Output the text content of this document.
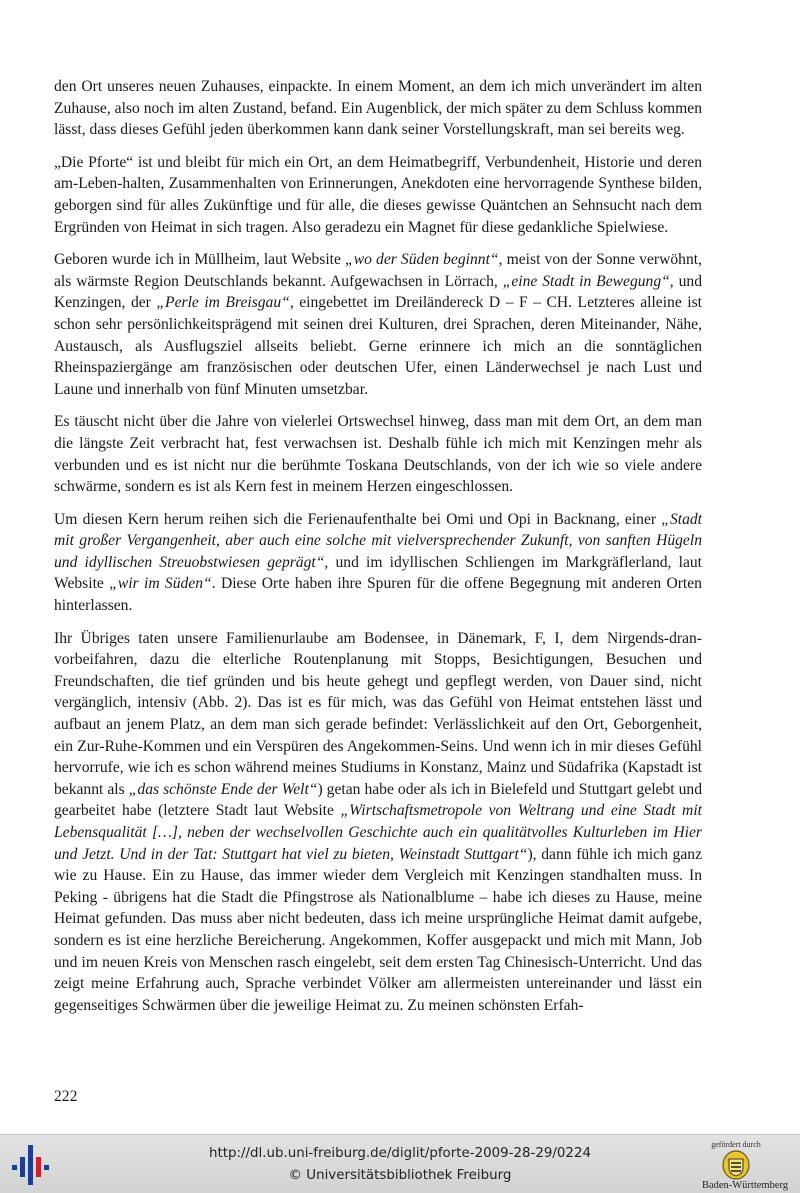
den Ort unseres neuen Zuhauses, einpackte. In einem Moment, an dem ich mich unverändert im alten Zuhause, also noch im alten Zustand, befand. Ein Augenblick, der mich später zu dem Schluss kommen lässt, dass dieses Gefühl jeden überkommen kann dank seiner Vorstellungskraft, man sei bereits weg.

„Die Pforte“ ist und bleibt für mich ein Ort, an dem Heimatbegriff, Verbundenheit, Historie und deren am-Leben-halten, Zusammenhalten von Erinnerungen, Anekdoten eine hervorragende Synthese bilden, geborgen sind für alles Zukünftige und für alle, die dieses gewisse Quäntchen an Sehnsucht nach dem Ergründen von Heimat in sich tragen. Also geradezu ein Magnet für diese gedankliche Spielwiese.

Geboren wurde ich in Müllheim, laut Website „wo der Süden beginnt“, meist von der Sonne verwöhnt, als wärmste Region Deutschlands bekannt. Aufgewachsen in Lörrach, „eine Stadt in Bewegung“, und Kenzingen, der „Perle im Breisgau“, eingebettet im Dreiländereck D – F – CH. Letzteres alleine ist schon sehr persönlichkeitsprägend mit seinen drei Kulturen, drei Sprachen, deren Miteinander, Nähe, Austausch, als Ausflugsziel allseits beliebt. Gerne erinnere ich mich an die sonntäglichen Rheinspaziergänge am französischen oder deutschen Ufer, einen Länderwechsel je nach Lust und Laune und innerhalb von fünf Minuten umsetzbar.

Es täuscht nicht über die Jahre von vielerlei Ortswechsel hinweg, dass man mit dem Ort, an dem man die längste Zeit verbracht hat, fest verwachsen ist. Deshalb fühle ich mich mit Kenzingen mehr als verbunden und es ist nicht nur die berühmte Toskana Deutschlands, von der ich wie so viele andere schwärme, sondern es ist als Kern fest in meinem Herzen eingeschlossen.

Um diesen Kern herum reihen sich die Ferienaufenthalte bei Omi und Opi in Backnang, einer „Stadt mit großer Vergangenheit, aber auch eine solche mit vielversprechender Zukunft, von sanften Hügeln und idyllischen Streuobstwiesen geprägt“, und im idyllischen Schliengen im Markgräflerland, laut Website „wir im Süden“. Diese Orte haben ihre Spuren für die offene Begegnung mit anderen Orten hinterlassen.

Ihr Übriges taten unsere Familienurlaube am Bodensee, in Dänemark, F, I, dem Nirgends-dranvorbeifahren, dazu die elterliche Routenplanung mit Stopps, Besichtigungen, Besuchen und Freundschaften, die tief gründen und bis heute gehegt und gepflegt werden, von Dauer sind, nicht vergänglich, intensiv (Abb. 2). Das ist es für mich, was das Gefühl von Heimat entstehen lässt und aufbaut an jenem Platz, an dem man sich gerade befindet: Verlässlichkeit auf den Ort, Geborgenheit, ein Zur-Ruhe-Kommen und ein Verspüren des Angekommen-Seins. Und wenn ich in mir dieses Gefühl hervorrufe, wie ich es schon während meines Studiums in Konstanz, Mainz und Südafrika (Kapstadt ist bekannt als „das schönste Ende der Welt“) getan habe oder als ich in Bielefeld und Stuttgart gelebt und gearbeitet habe (letztere Stadt laut Website „Wirtschaftsmetropole von Weltrang und eine Stadt mit Lebensqualität […], neben der wechselvollen Geschichte auch ein qualitätvolles Kulturleben im Hier und Jetzt. Und in der Tat: Stuttgart hat viel zu bieten, Weinstadt Stuttgart“), dann fühle ich mich ganz wie zu Hause. Ein zu Hause, das immer wieder dem Vergleich mit Kenzingen standhalten muss. In Peking - übrigens hat die Stadt die Pfingstrose als Nationalblume – habe ich dieses zu Hause, meine Heimat gefunden. Das muss aber nicht bedeuten, dass ich meine ursprüngliche Heimat damit aufgebe, sondern es ist eine herzliche Bereicherung. Angekommen, Koffer ausgepackt und mich mit Mann, Job und im neuen Kreis von Menschen rasch eingelebt, seit dem ersten Tag Chinesisch-Unterricht. Und das zeigt meine Erfahrung auch, Sprache verbindet Völker am allermeisten untereinander und lässt ein gegenseitiges Schwärmen über die jeweilige Heimat zu. Zu meinen schönsten Erfah-

222
http://dl.ub.uni-freiburg.de/diglit/pforte-2009-28-29/0224
© Universitätsbibliothek Freiburg
gefördert durch
Baden-Württemberg
